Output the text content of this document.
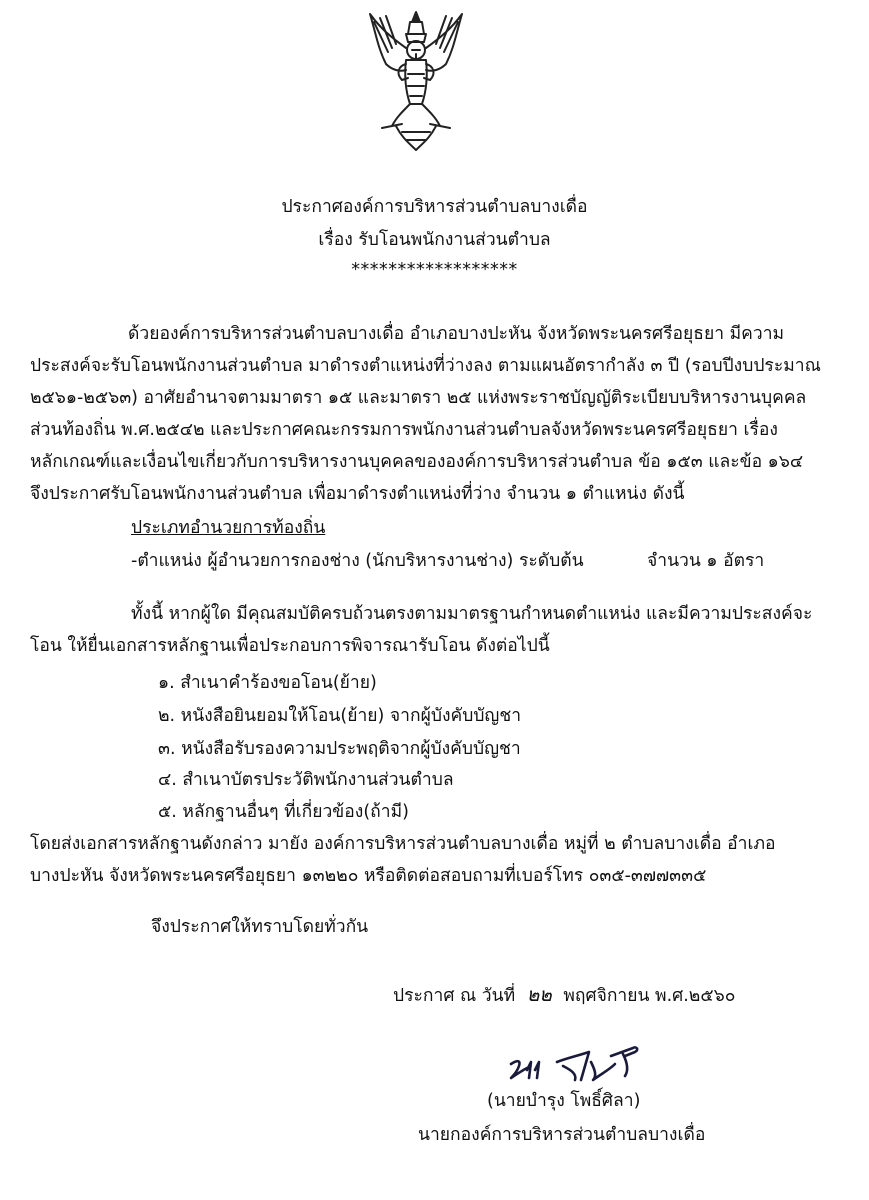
ประกาศองค์การบริหารส่วนตำบลบางเดื่อ
เรื่อง รับโอนพนักงานส่วนตำบล
******************
ด้วยองค์การบริหารส่วนตำบลบางเดื่อ อำเภอบางปะหัน จังหวัดพระนครศรีอยุธยา มีความ
ประสงค์จะรับโอนพนักงานส่วนตำบล มาดำรงตำแหน่งที่ว่างลง ตามแผนอัตรากำลัง ๓ ปี (รอบปีงบประมาณ
๒๕๖๑-๒๕๖๓) อาศัยอำนาจตามมาตรา ๑๕ และมาตรา ๒๕ แห่งพระราชบัญญัติระเบียบบริหารงานบุคคล
ส่วนท้องถิ่น พ.ศ.๒๕๔๒ และประกาศคณะกรรมการพนักงานส่วนตำบลจังหวัดพระนครศรีอยุธยา เรื่อง
หลักเกณฑ์และเงื่อนไขเกี่ยวกับการบริหารงานบุคคลขององค์การบริหารส่วนตำบล ข้อ ๑๕๓ และข้อ ๑๖๔
จึงประกาศรับโอนพนักงานส่วนตำบล เพื่อมาดำรงตำแหน่งที่ว่าง จำนวน ๑ ตำแหน่ง ดังนี้
ประเภทอำนวยการท้องถิ่น
-ตำแหน่ง ผู้อำนวยการกองช่าง (นักบริหารงานช่าง) ระดับต้น	จำนวน ๑ อัตรา
ทั้งนี้ หากผู้ใด มีคุณสมบัติครบถ้วนตรงตามมาตรฐานกำหนดตำแหน่ง และมีความประสงค์จะ
โอน ให้ยื่นเอกสารหลักฐานเพื่อประกอบการพิจารณารับโอน ดังต่อไปนี้
๑. สำเนาคำร้องขอโอน(ย้าย)
๒. หนังสือยินยอมให้โอน(ย้าย) จากผู้บังคับบัญชา
๓. หนังสือรับรองความประพฤติจากผู้บังคับบัญชา
๔. สำเนาบัตรประวัติพนักงานส่วนตำบล
๕. หลักฐานอื่นๆ ที่เกี่ยวข้อง(ถ้ามี)
โดยส่งเอกสารหลักฐานดังกล่าว มายัง องค์การบริหารส่วนตำบลบางเดื่อ หมู่ที่ ๒ ตำบลบางเดื่อ อำเภอ
บางปะหัน จังหวัดพระนครศรีอยุธยา ๑๓๒๒๐ หรือติดต่อสอบถามที่เบอร์โทร ๐๓๕-๓๗๗๓๓๕
จึงประกาศให้ทราบโดยทั่วกัน
ประกาศ ณ วันที่ ๒๒ พฤศจิกายน พ.ศ.๒๕๖๐
(นายบำรุง โพธิ์ศิลา)
นายกองค์การบริหารส่วนตำบลบางเดื่อ
